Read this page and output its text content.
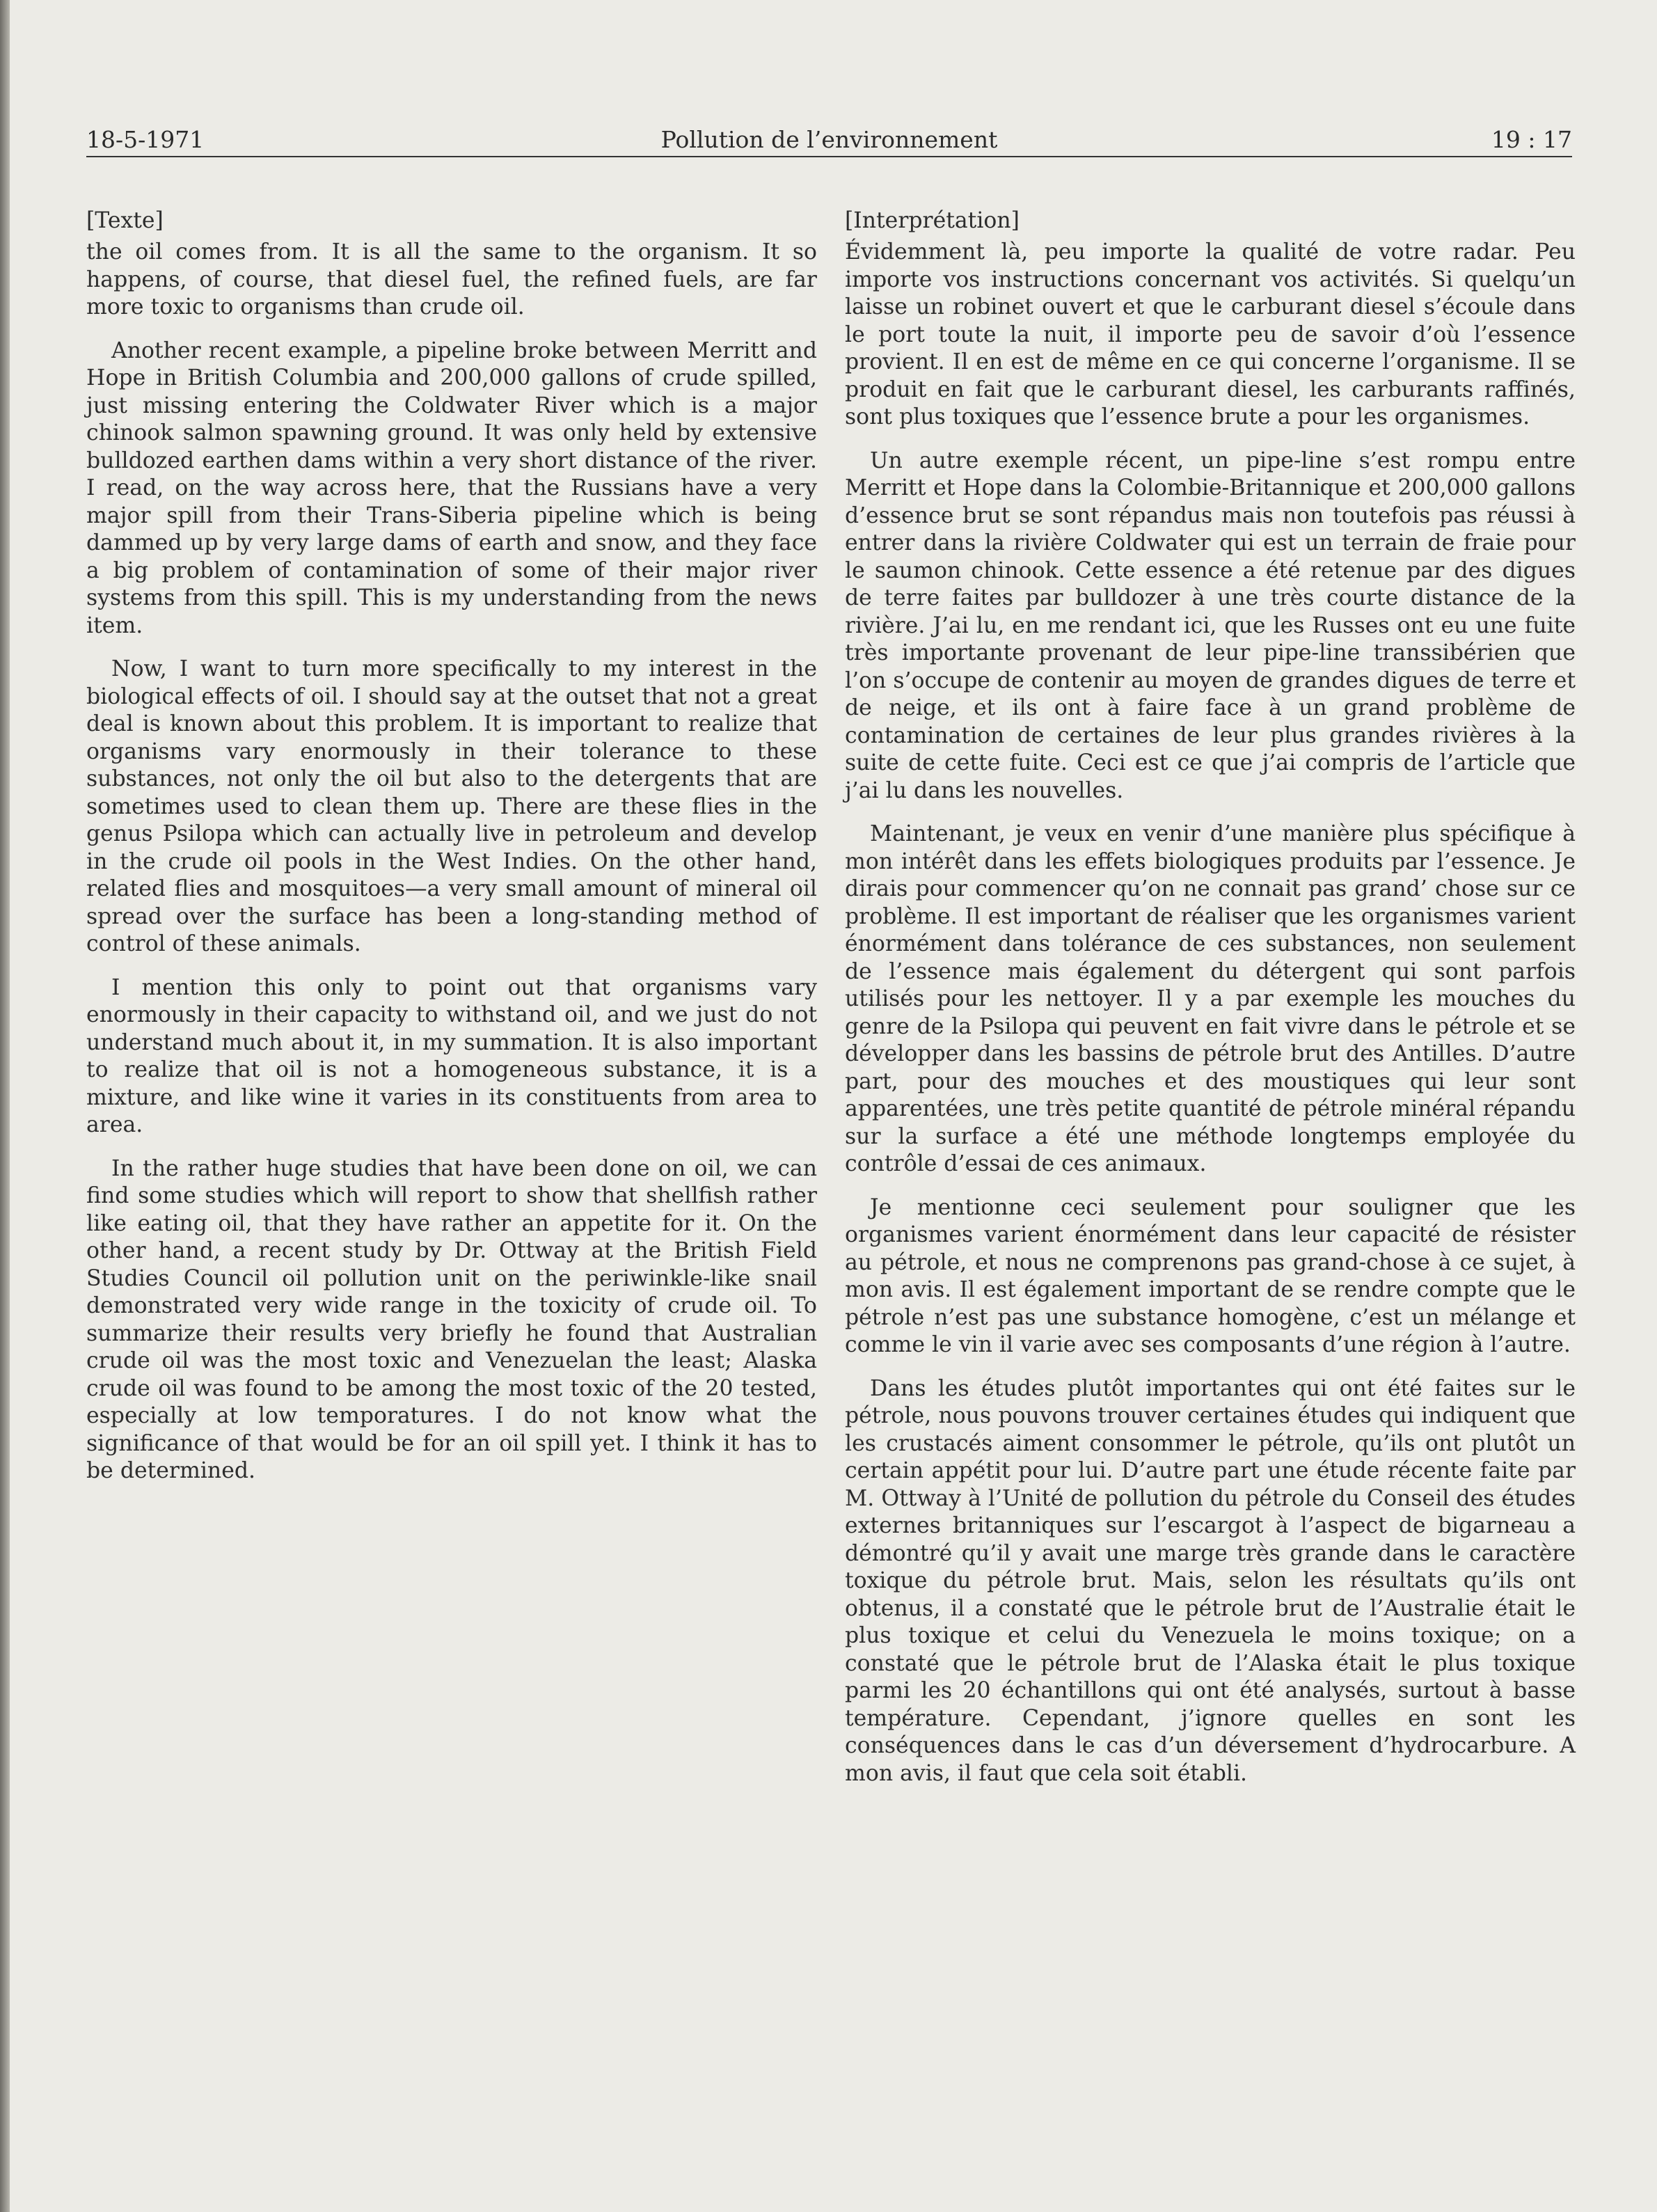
18-5-1971	Pollution de l’environnement	19 : 17
[Texte]

the oil comes from. It is all the same to the organism. It so happens, of course, that diesel fuel, the refined fuels, are far more toxic to organisms than crude oil.

Another recent example, a pipeline broke between Merritt and Hope in British Columbia and 200,000 gallons of crude spilled, just missing entering the Coldwater River which is a major chinook salmon spawning ground. It was only held by extensive bulldozed earthen dams within a very short distance of the river. I read, on the way across here, that the Russians have a very major spill from their Trans-Siberia pipeline which is being dammed up by very large dams of earth and snow, and they face a big problem of contamination of some of their major river systems from this spill. This is my understanding from the news item.

Now, I want to turn more specifically to my interest in the biological effects of oil. I should say at the outset that not a great deal is known about this problem. It is important to realize that organisms vary enormously in their tolerance to these substances, not only the oil but also to the detergents that are sometimes used to clean them up. There are these flies in the genus Psilopa which can actually live in petroleum and develop in the crude oil pools in the West Indies. On the other hand, related flies and mosquitoes—a very small amount of mineral oil spread over the surface has been a long-standing method of control of these animals.

I mention this only to point out that organisms vary enormously in their capacity to withstand oil, and we just do not understand much about it, in my summation. It is also important to realize that oil is not a homogeneous substance, it is a mixture, and like wine it varies in its constituents from area to area.

In the rather huge studies that have been done on oil, we can find some studies which will report to show that shellfish rather like eating oil, that they have rather an appetite for it. On the other hand, a recent study by Dr. Ottway at the British Field Studies Council oil pollution unit on the periwinkle-like snail demonstrated very wide range in the toxicity of crude oil. To summarize their results very briefly he found that Australian crude oil was the most toxic and Venezuelan the least; Alaska crude oil was found to be among the most toxic of the 20 tested, especially at low temporatures. I do not know what the significance of that would be for an oil spill yet. I think it has to be determined.

[Interprétation]

Évidemment là, peu importe la qualité de votre radar. Peu importe vos instructions concernant vos activités. Si quelqu’un laisse un robinet ouvert et que le carburant diesel s’écoule dans le port toute la nuit, il importe peu de savoir d’où l’essence provient. Il en est de même en ce qui concerne l’organisme. Il se produit en fait que le carburant diesel, les carburants raffinés, sont plus toxiques que l’essence brute a pour les organismes.

Un autre exemple récent, un pipe-line s’est rompu entre Merritt et Hope dans la Colombie-Britannique et 200,000 gallons d’essence brut se sont répandus mais non toutefois pas réussi à entrer dans la rivière Coldwater qui est un terrain de fraie pour le saumon chinook. Cette essence a été retenue par des digues de terre faites par bulldozer à une très courte distance de la rivière. J’ai lu, en me rendant ici, que les Russes ont eu une fuite très importante provenant de leur pipe-line transsibérien que l’on s’occupe de contenir au moyen de grandes digues de terre et de neige, et ils ont à faire face à un grand problème de contamination de certaines de leur plus grandes rivières à la suite de cette fuite. Ceci est ce que j’ai compris de l’article que j’ai lu dans les nouvelles.

Maintenant, je veux en venir d’une manière plus spécifique à mon intérêt dans les effets biologiques produits par l’essence. Je dirais pour commencer qu’on ne connait pas grand’ chose sur ce problème. Il est important de réaliser que les organismes varient énormément dans tolérance de ces substances, non seulement de l’essence mais également du détergent qui sont parfois utilisés pour les nettoyer. Il y a par exemple les mouches du genre de la Psilopa qui peuvent en fait vivre dans le pétrole et se développer dans les bassins de pétrole brut des Antilles. D’autre part, pour des mouches et des moustiques qui leur sont apparentées, une très petite quantité de pétrole minéral répandu sur la surface a été une méthode longtemps employée du contrôle d’essai de ces animaux.

Je mentionne ceci seulement pour souligner que les organismes varient énormément dans leur capacité de résister au pétrole, et nous ne comprenons pas grand-chose à ce sujet, à mon avis. Il est également important de se rendre compte que le pétrole n’est pas une substance homogène, c’est un mélange et comme le vin il varie avec ses composants d’une région à l’autre.

Dans les études plutôt importantes qui ont été faites sur le pétrole, nous pouvons trouver certaines études qui indiquent que les crustacés aiment consommer le pétrole, qu’ils ont plutôt un certain appétit pour lui. D’autre part une étude récente faite par M. Ottway à l’Unité de pollution du pétrole du Conseil des études externes britanniques sur l’escargot à l’aspect de bigarneau a démontré qu’il y avait une marge très grande dans le caractère toxique du pétrole brut. Mais, selon les résultats qu’ils ont obtenus, il a constaté que le pétrole brut de l’Australie était le plus toxique et celui du Venezuela le moins toxique; on a constaté que le pétrole brut de l’Alaska était le plus toxique parmi les 20 échantillons qui ont été analysés, surtout à basse température. Cependant, j’ignore quelles en sont les conséquences dans le cas d’un déversement d’hydrocarbure. A mon avis, il faut que cela soit établi.
